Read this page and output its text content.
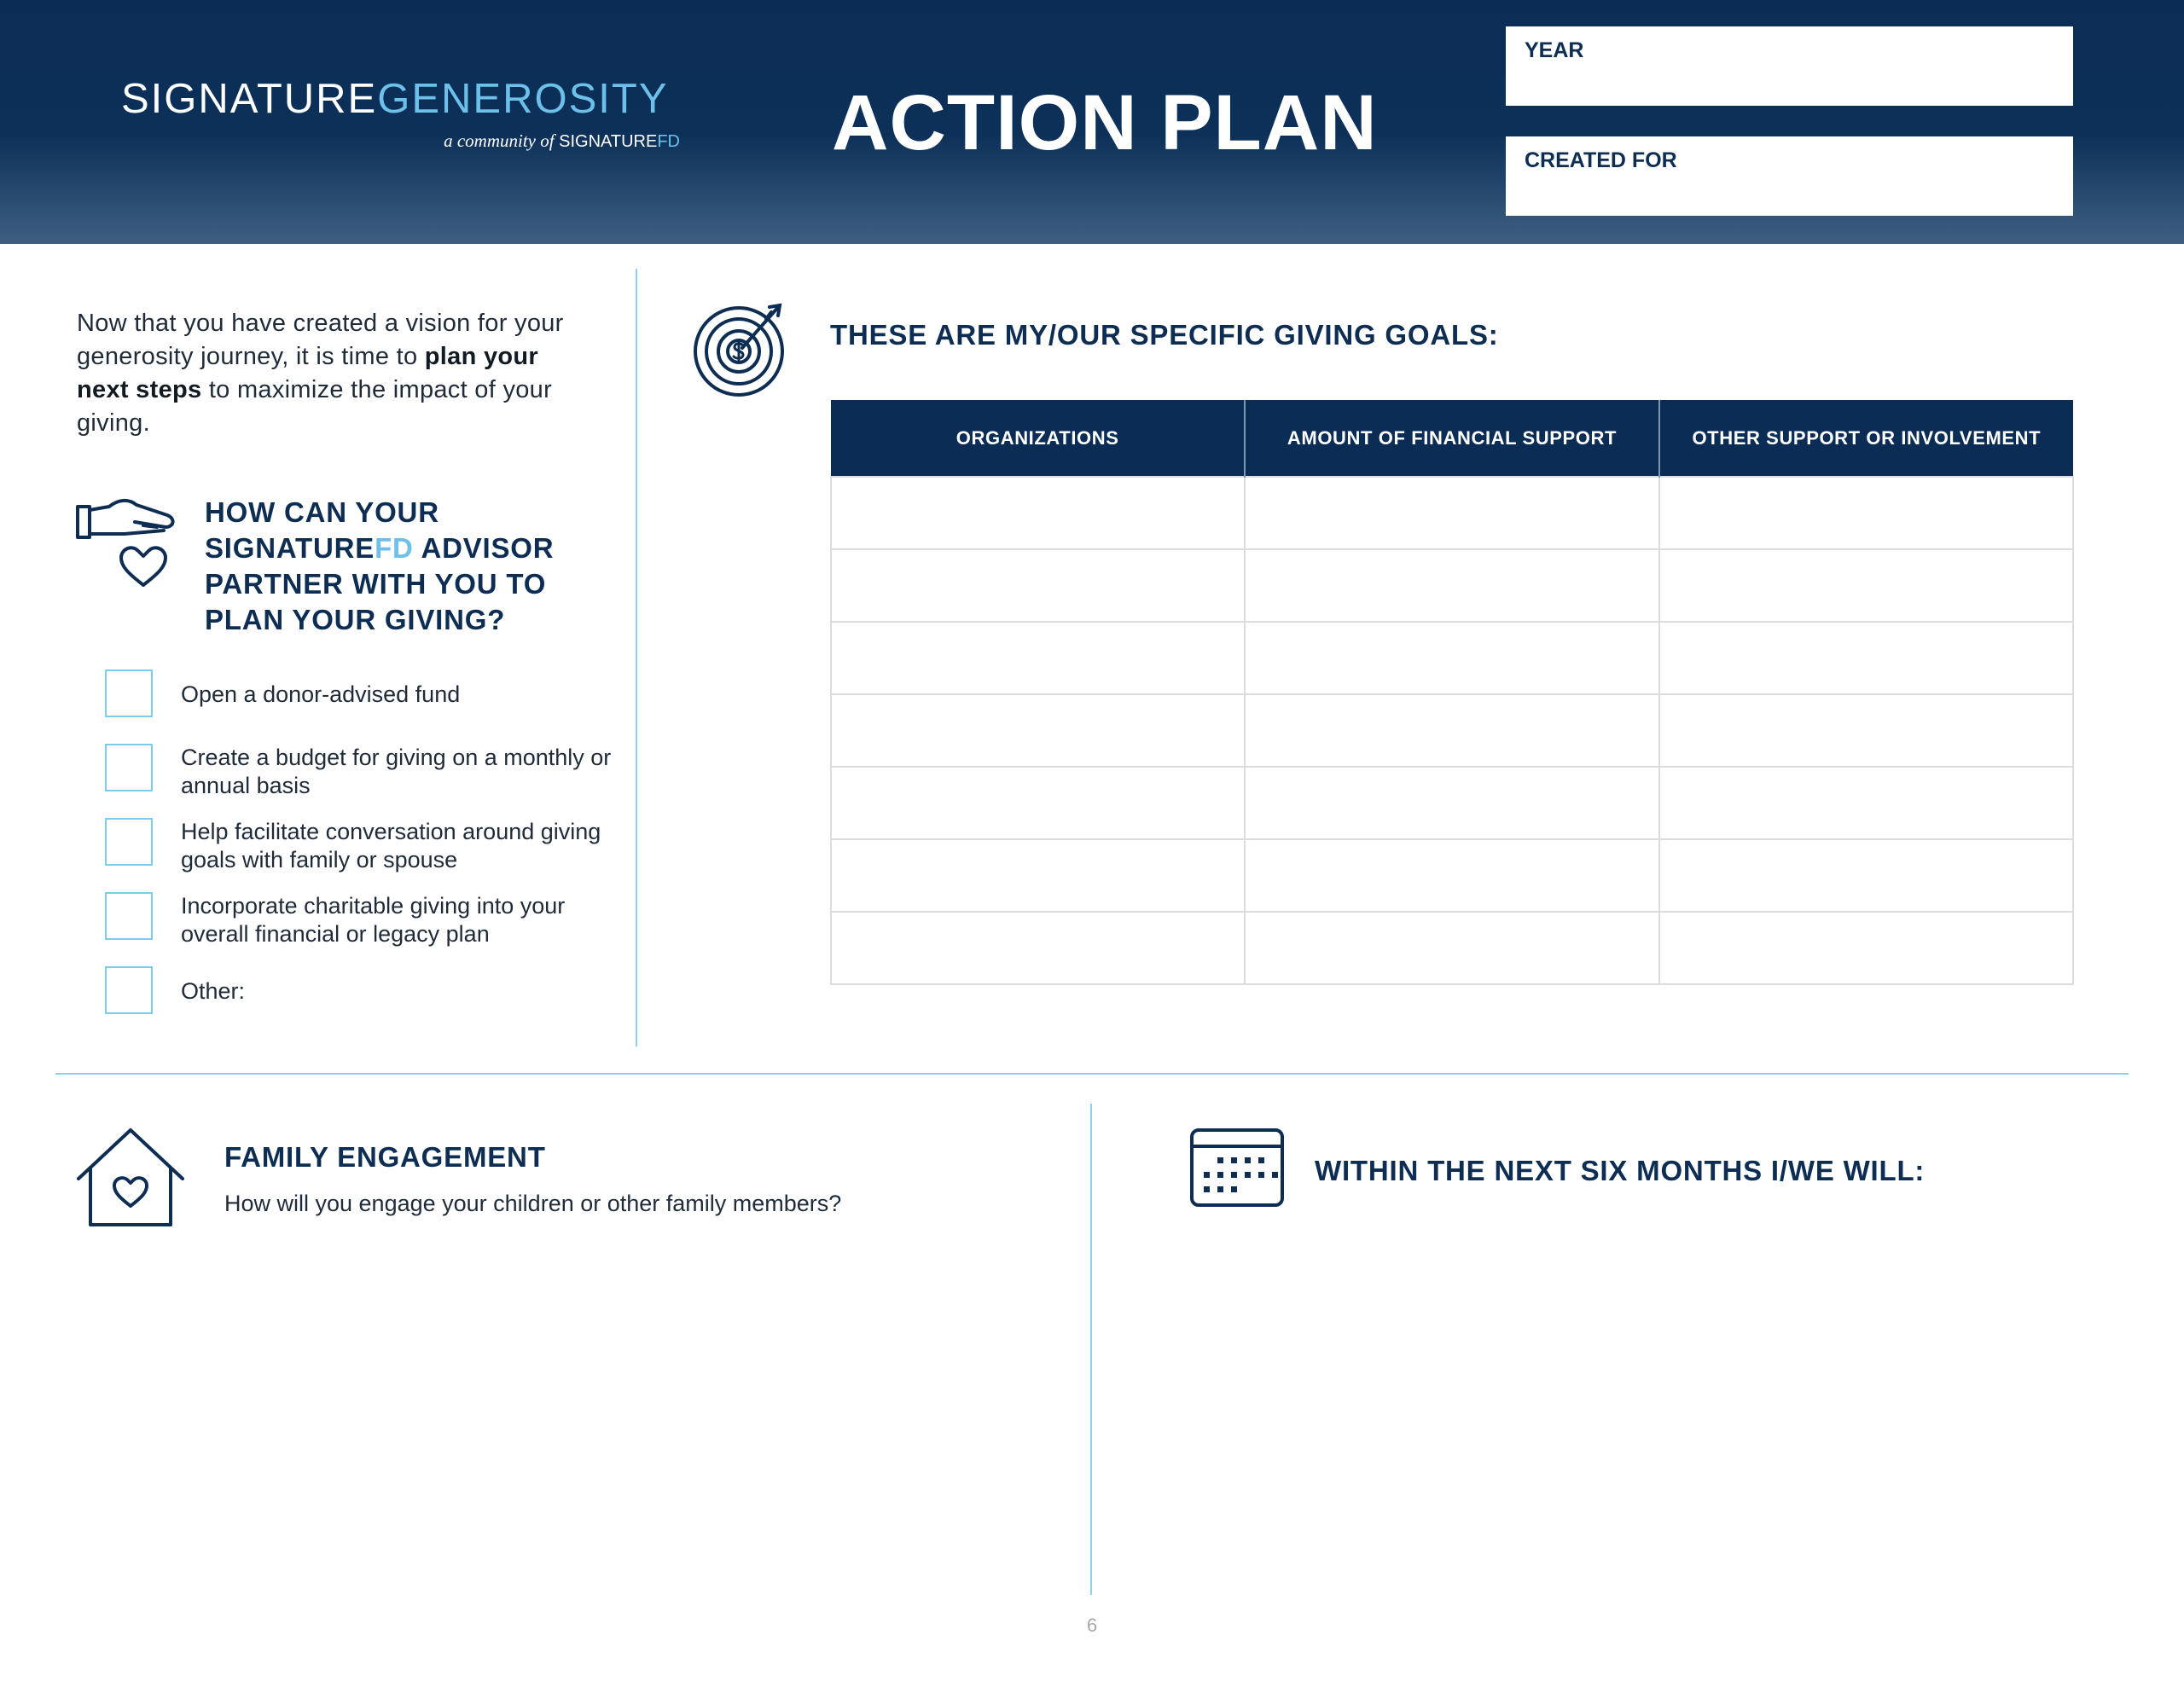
SIGNATUREGENEROSITY
a community of SIGNATUREFD ACTION PLAN
YEAR
CREATED FOR
Now that you have created a vision for your generosity journey, it is time to plan your next steps to maximize the impact of your giving.
HOW CAN YOUR SIGNATUREFD ADVISOR PARTNER WITH YOU TO PLAN YOUR GIVING?
Open a donor-advised fund
Create a budget for giving on a monthly or annual basis
Help facilitate conversation around giving goals with family or spouse
Incorporate charitable giving into your overall financial or legacy plan
Other:
THESE ARE MY/OUR SPECIFIC GIVING GOALS:
ORGANIZATIONS	AMOUNT OF FINANCIAL SUPPORT	OTHER SUPPORT OR INVOLVEMENT

FAMILY ENGAGEMENT
How will you engage your children or other family members?
WITHIN THE NEXT SIX MONTHS I/WE WILL:
6
